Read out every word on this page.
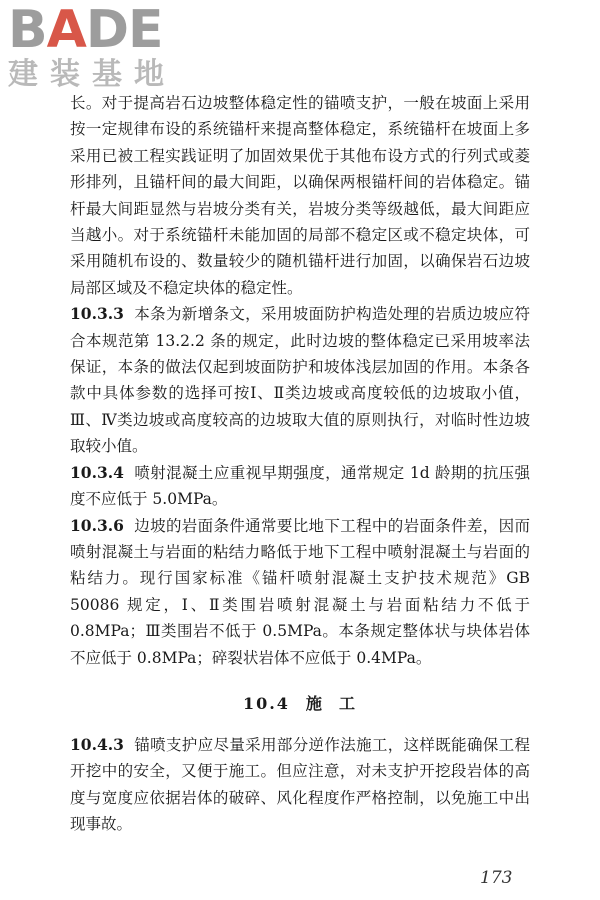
BADE
建装基地

长。对于提高岩石边坡整体稳定性的锚喷支护，一般在坡面上采用按一定规律布设的系统锚杆来提高整体稳定，系统锚杆在坡面上多采用已被工程实践证明了加固效果优于其他布设方式的行列式或菱形排列，且锚杆间的最大间距，以确保两根锚杆间的岩体稳定。锚杆最大间距显然与岩坡分类有关，岩坡分类等级越低，最大间距应当越小。对于系统锚杆未能加固的局部不稳定区或不稳定块体，可采用随机布设的、数量较少的随机锚杆进行加固，以确保岩石边坡局部区域及不稳定块体的稳定性。

10.3.3 本条为新增条文，采用坡面防护构造处理的岩质边坡应符合本规范第 13.2.2 条的规定，此时边坡的整体稳定已采用坡率法保证，本条的做法仅起到坡面防护和坡体浅层加固的作用。本条各款中具体参数的选择可按Ⅰ、Ⅱ类边坡或高度较低的边坡取小值，Ⅲ、Ⅳ类边坡或高度较高的边坡取大值的原则执行，对临时性边坡取较小值。

10.3.4 喷射混凝土应重视早期强度，通常规定 1d 龄期的抗压强度不应低于 5.0MPa。

10.3.6 边坡的岩面条件通常要比地下工程中的岩面条件差，因而喷射混凝土与岩面的粘结力略低于地下工程中喷射混凝土与岩面的粘结力。现行国家标准《锚杆喷射混凝土支护技术规范》GB 50086 规定，Ⅰ、Ⅱ类围岩喷射混凝土与岩面粘结力不低于 0.8MPa；Ⅲ类围岩不低于 0.5MPa。本条规定整体状与块体岩体不应低于 0.8MPa；碎裂状岩体不应低于 0.4MPa。

10.4 施  工

10.4.3 锚喷支护应尽量采用部分逆作法施工，这样既能确保工程开挖中的安全，又便于施工。但应注意，对未支护开挖段岩体的高度与宽度应依据岩体的破碎、风化程度作严格控制，以免施工中出现事故。

173
